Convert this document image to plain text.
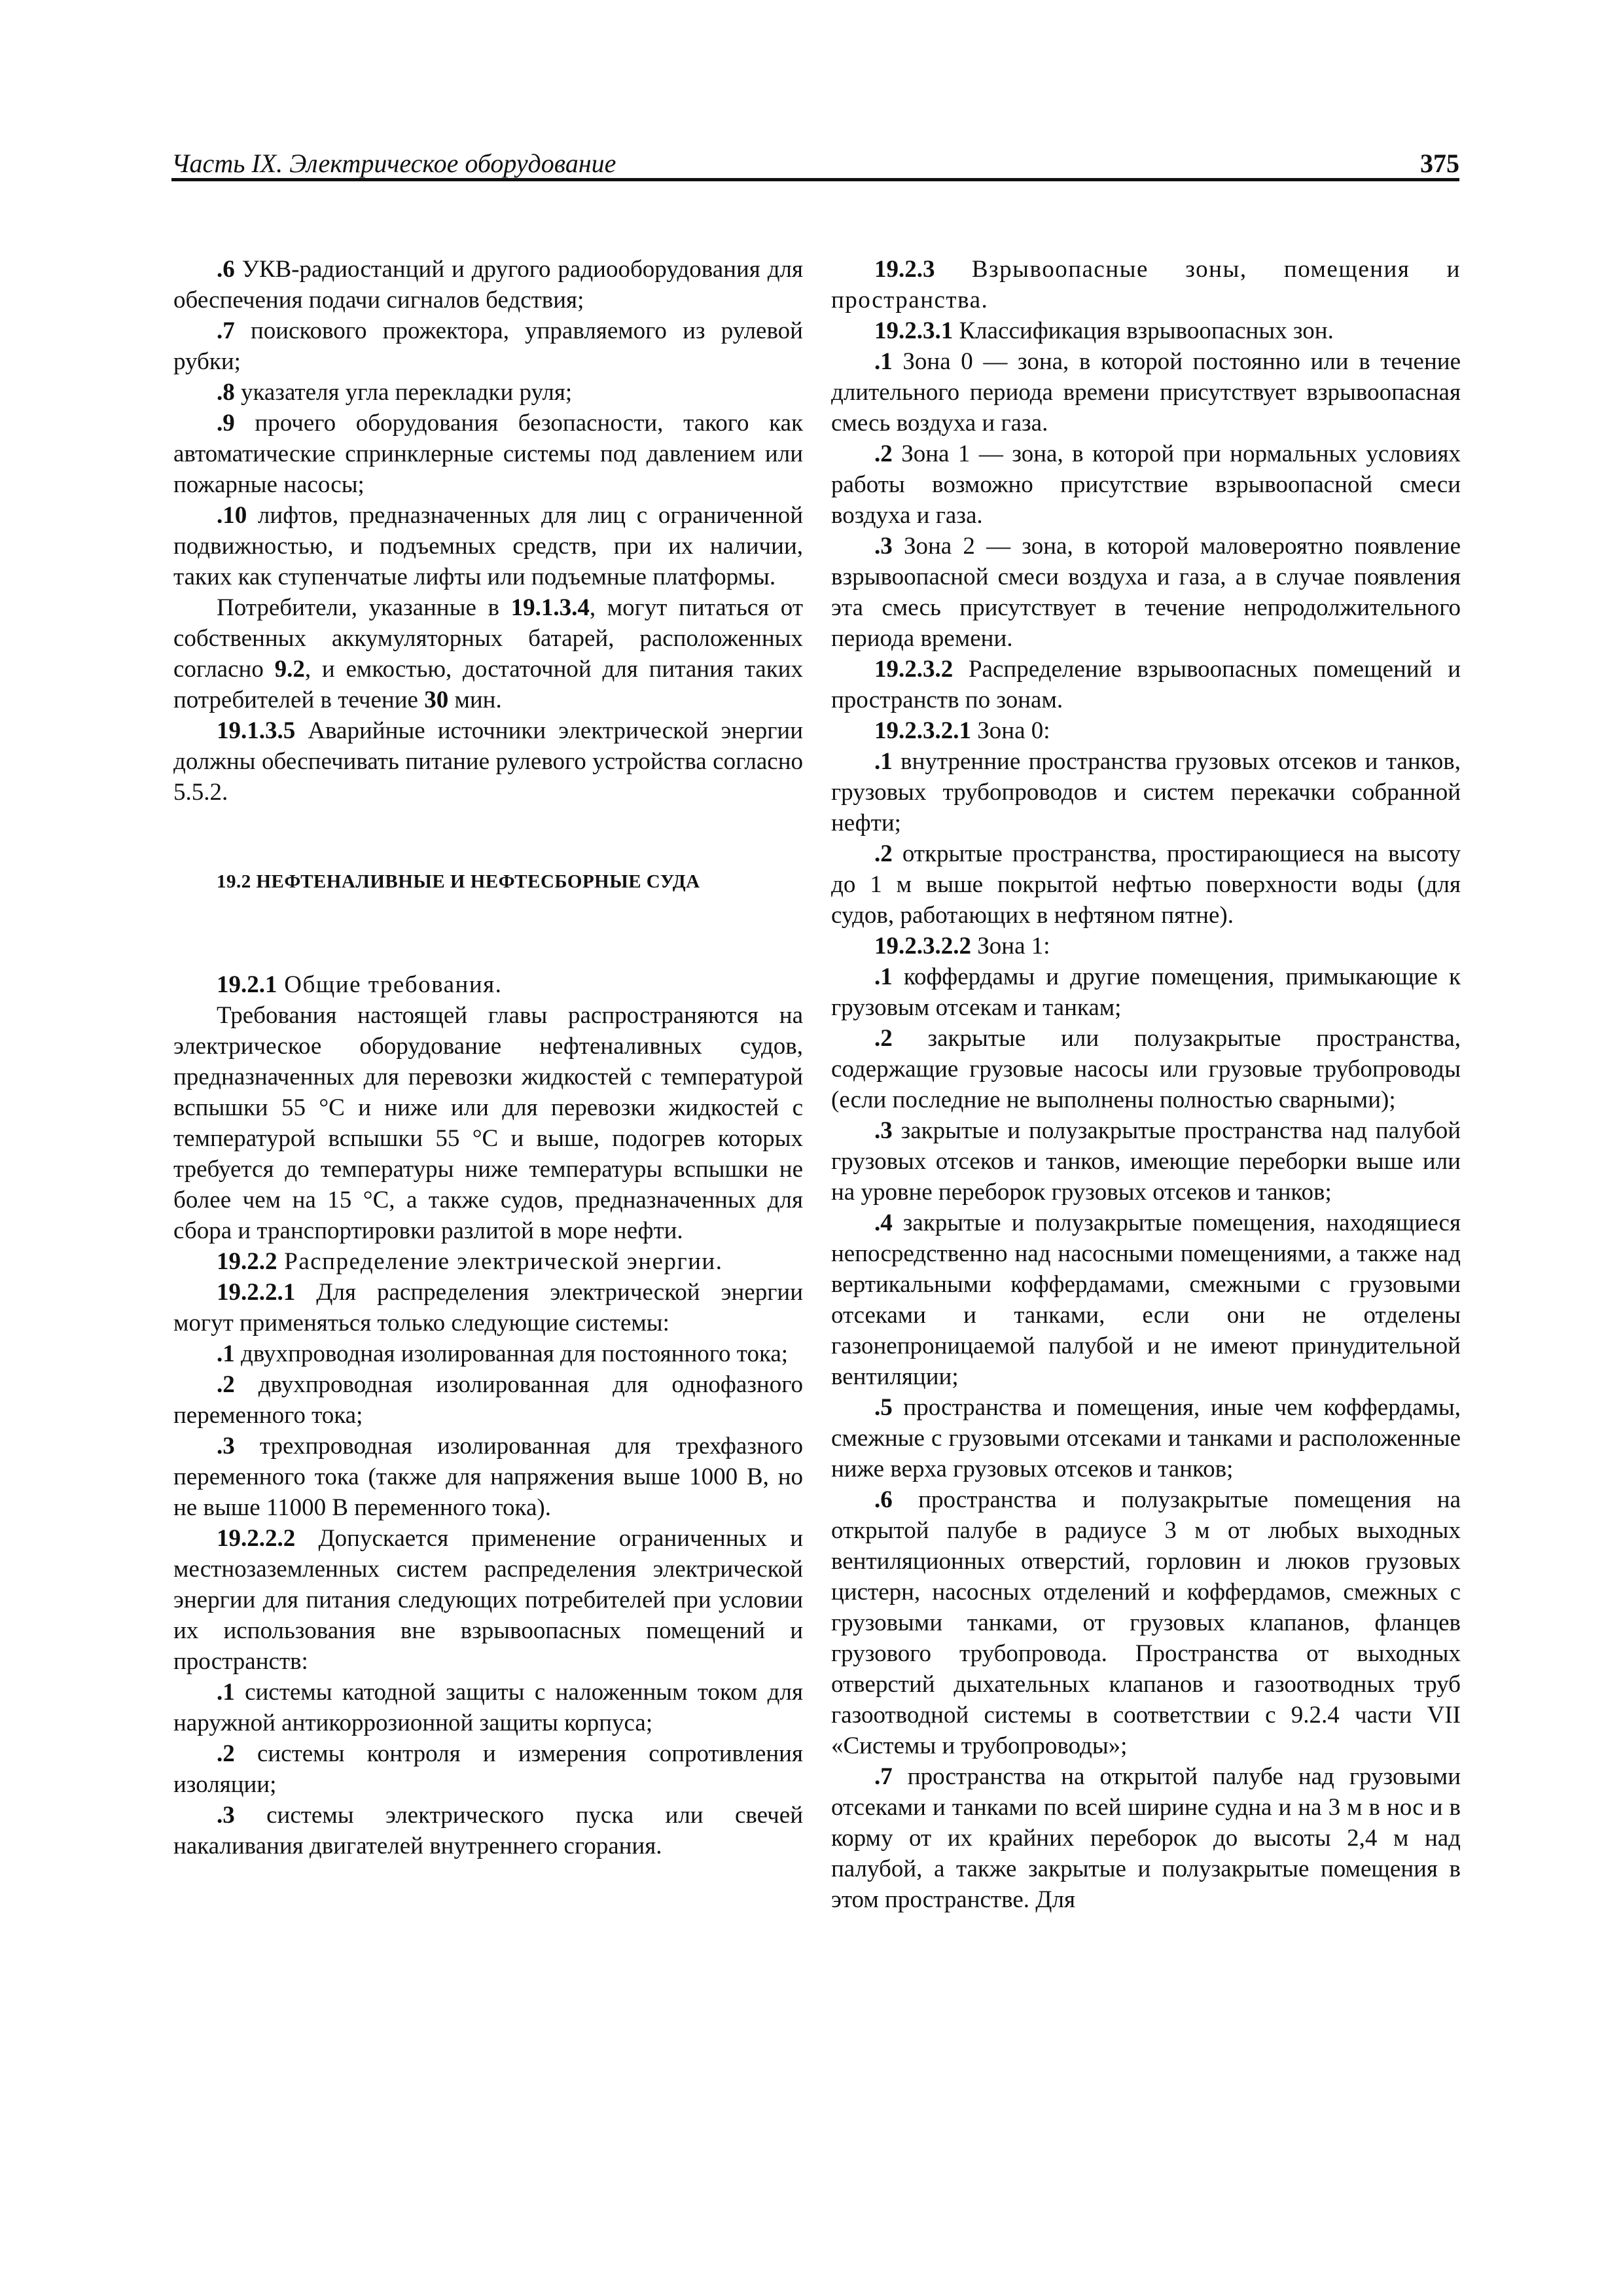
Часть IX. Электрическое оборудование	375

.6 УКВ-радиостанций и другого радиооборудования для обеспечения подачи сигналов бедствия;

.7 поискового прожектора, управляемого из рулевой рубки;

.8 указателя угла перекладки руля;

.9 прочего оборудования безопасности, такого как автоматические спринклерные системы под давлением или пожарные насосы;

.10 лифтов, предназначенных для лиц с ограниченной подвижностью, и подъемных средств, при их наличии, таких как ступенчатые лифты или подъемные платформы.

Потребители, указанные в 19.1.3.4, могут питаться от собственных аккумуляторных батарей, расположенных согласно 9.2, и емкостью, достаточной для питания таких потребителей в течение 30 мин.

19.1.3.5 Аварийные источники электрической энергии должны обеспечивать питание рулевого устройства согласно 5.5.2.

19.2 НЕФТЕНАЛИВНЫЕ И НЕФТЕСБОРНЫЕ СУДА

19.2.1 Общие требования.

Требования настоящей главы распространяются на электрическое оборудование нефтеналивных судов, предназначенных для перевозки жидкостей с температурой вспышки 55 °С и ниже или для перевозки жидкостей с температурой вспышки 55 °С и выше, подогрев которых требуется до температуры ниже температуры вспышки не более чем на 15 °С, а также судов, предназначенных для сбора и транспортировки разлитой в море нефти.

19.2.2 Распределение электрической энергии.

19.2.2.1 Для распределения электрической энергии могут применяться только следующие системы:

.1 двухпроводная изолированная для постоянного тока;

.2 двухпроводная изолированная для однофазного переменного тока;

.3 трехпроводная изолированная для трехфазного переменного тока (также для напряжения выше 1000 В, но не выше 11000 В переменного тока).

19.2.2.2 Допускается применение ограниченных и местнозаземленных систем распределения электрической энергии для питания следующих потребителей при условии их использования вне взрывоопасных помещений и пространств:

.1 системы катодной защиты с наложенным током для наружной антикоррозионной защиты корпуса;

.2 системы контроля и измерения сопротивления изоляции;

.3 системы электрического пуска или свечей накаливания двигателей внутреннего сгорания.

19.2.3 Взрывоопасные зоны, помещения и пространства.

19.2.3.1 Классификация взрывоопасных зон.

.1 Зона 0 — зона, в которой постоянно или в течение длительного периода времени присутствует взрывоопасная смесь воздуха и газа.

.2 Зона 1 — зона, в которой при нормальных условиях работы возможно присутствие взрывоопасной смеси воздуха и газа.

.3 Зона 2 — зона, в которой маловероятно появление взрывоопасной смеси воздуха и газа, а в случае появления эта смесь присутствует в течение непродолжительного периода времени.

19.2.3.2 Распределение взрывоопасных помещений и пространств по зонам.

19.2.3.2.1 Зона 0:

.1 внутренние пространства грузовых отсеков и танков, грузовых трубопроводов и систем перекачки собранной нефти;

.2 открытые пространства, простирающиеся на высоту до 1 м выше покрытой нефтью поверхности воды (для судов, работающих в нефтяном пятне).

19.2.3.2.2 Зона 1:

.1 коффердамы и другие помещения, примыкающие к грузовым отсекам и танкам;

.2 закрытые или полузакрытые пространства, содержащие грузовые насосы или грузовые трубопроводы (если последние не выполнены полностью сварными);

.3 закрытые и полузакрытые пространства над палубой грузовых отсеков и танков, имеющие переборки выше или на уровне переборок грузовых отсеков и танков;

.4 закрытые и полузакрытые помещения, находящиеся непосредственно над насосными помещениями, а также над вертикальными коффердамами, смежными с грузовыми отсеками и танками, если они не отделены газонепроницаемой палубой и не имеют принудительной вентиляции;

.5 пространства и помещения, иные чем коффердамы, смежные с грузовыми отсеками и танками и расположенные ниже верха грузовых отсеков и танков;

.6 пространства и полузакрытые помещения на открытой палубе в радиусе 3 м от любых выходных вентиляционных отверстий, горловин и люков грузовых цистерн, насосных отделений и коффердамов, смежных с грузовыми танками, от грузовых клапанов, фланцев грузового трубопровода. Пространства от выходных отверстий дыхательных клапанов и газоотводных труб газоотводной системы в соответствии с 9.2.4 части VII «Системы и трубопроводы»;

.7 пространства на открытой палубе над грузовыми отсеками и танками по всей ширине судна и на 3 м в нос и в корму от их крайних переборок до высоты 2,4 м над палубой, а также закрытые и полузакрытые помещения в этом пространстве. Для
